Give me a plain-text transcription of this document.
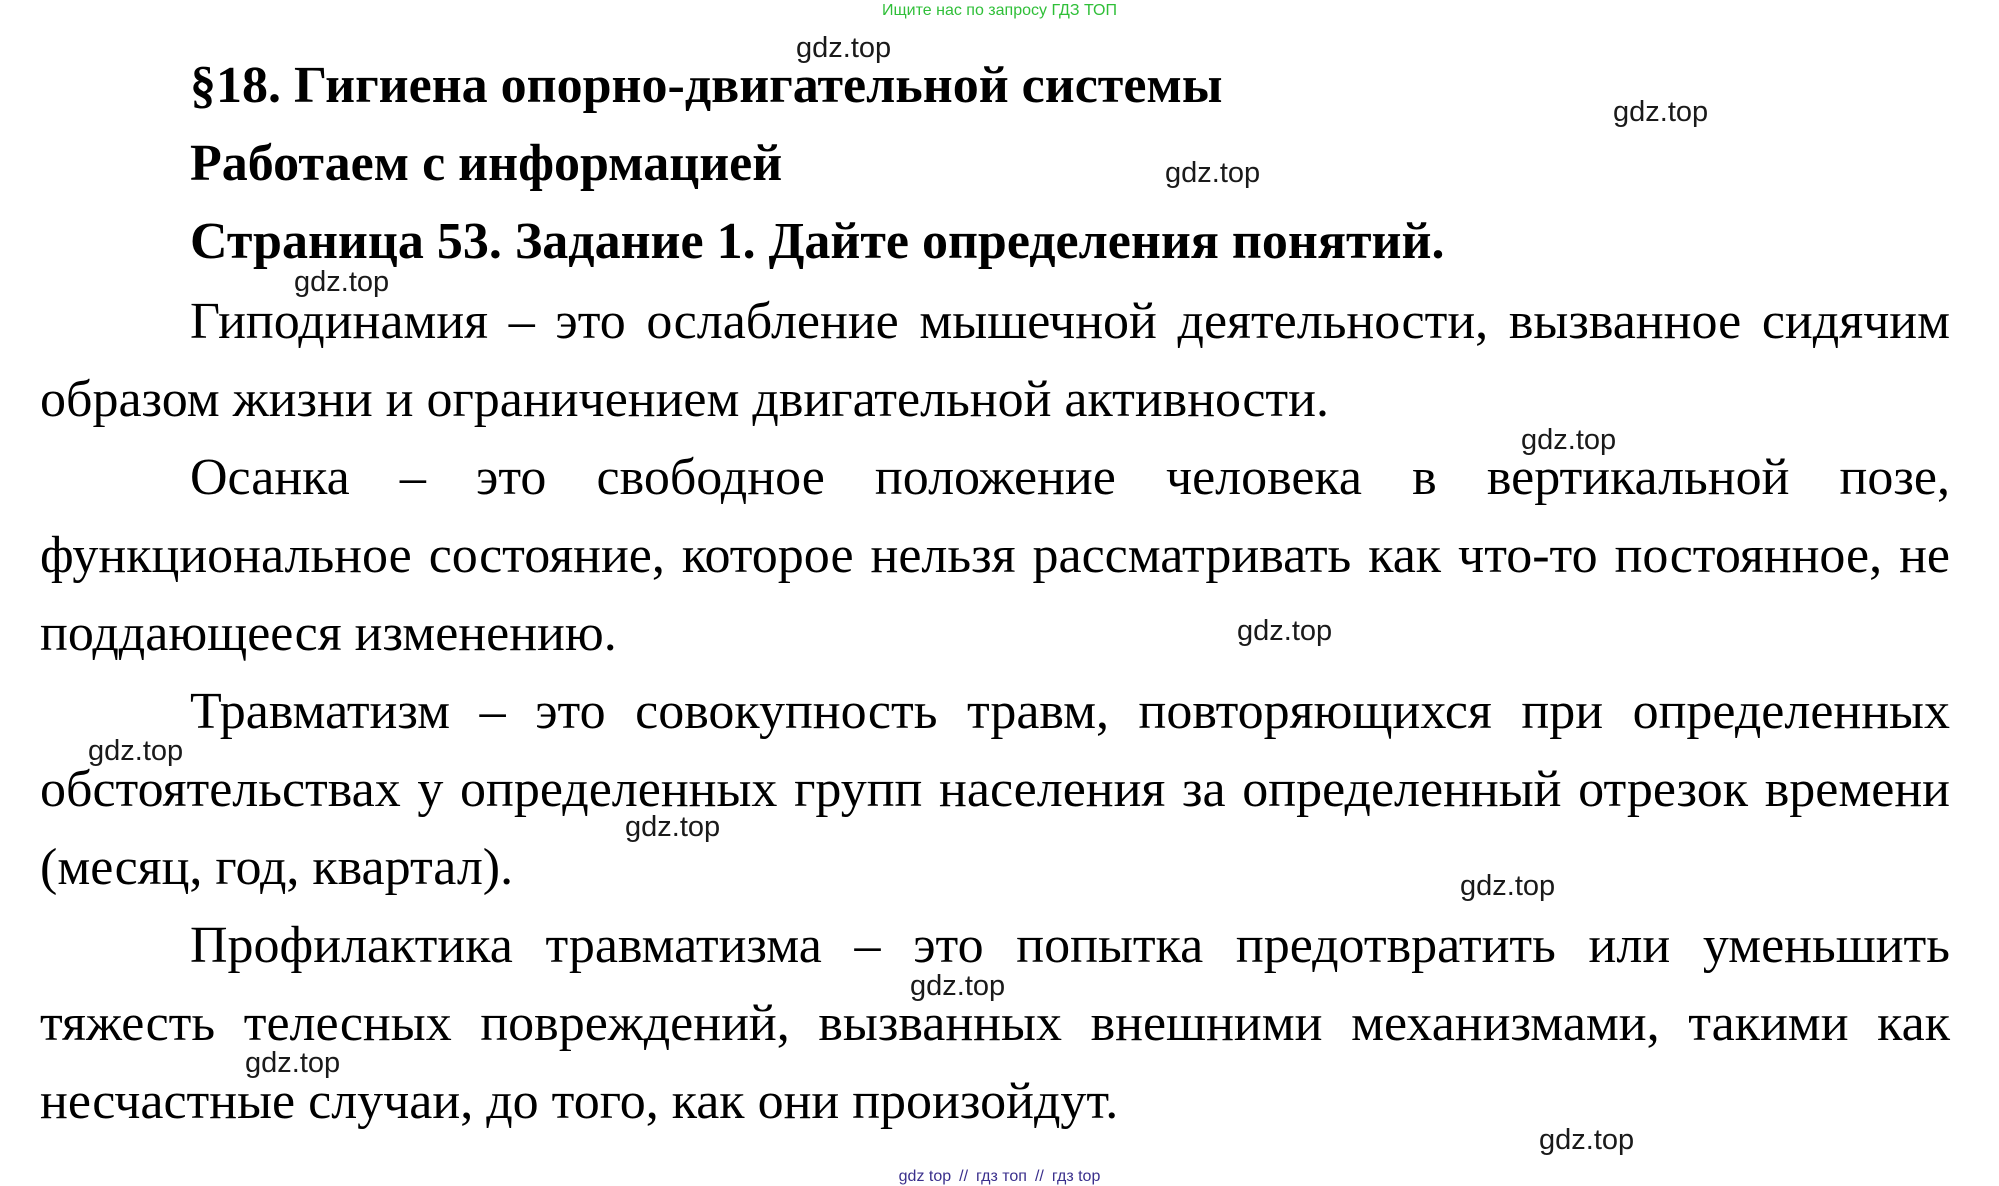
Ищите нас по запросу ГДЗ ТОП
§18. Гигиена опорно-двигательной системы
Работаем с информацией
Страница 53. Задание 1. Дайте определения понятий.

Гиподинамия – это ослабление мышечной деятельности, вызванное сидячим образом жизни и ограничением двигательной активности.

Осанка – это свободное положение человека в вертикальной позе, функциональное состояние, которое нельзя рассматривать как что-то постоянное, не поддающееся изменению.

Травматизм – это совокупность травм, повторяющихся при определенных обстоятельствах у определенных групп населения за определенный отрезок времени (месяц, год, квартал).

Профилактика травматизма – это попытка предотвратить или уменьшить тяжесть телесных повреждений, вызванных внешними механизмами, такими как несчастные случаи, до того, как они произойдут.

gdz.top
gdz.top
gdz.top
gdz.top
gdz.top
gdz.top
gdz.top
gdz.top
gdz.top
gdz.top
gdz.top
gdz.top
gdz top // гдз топ // гдз top
